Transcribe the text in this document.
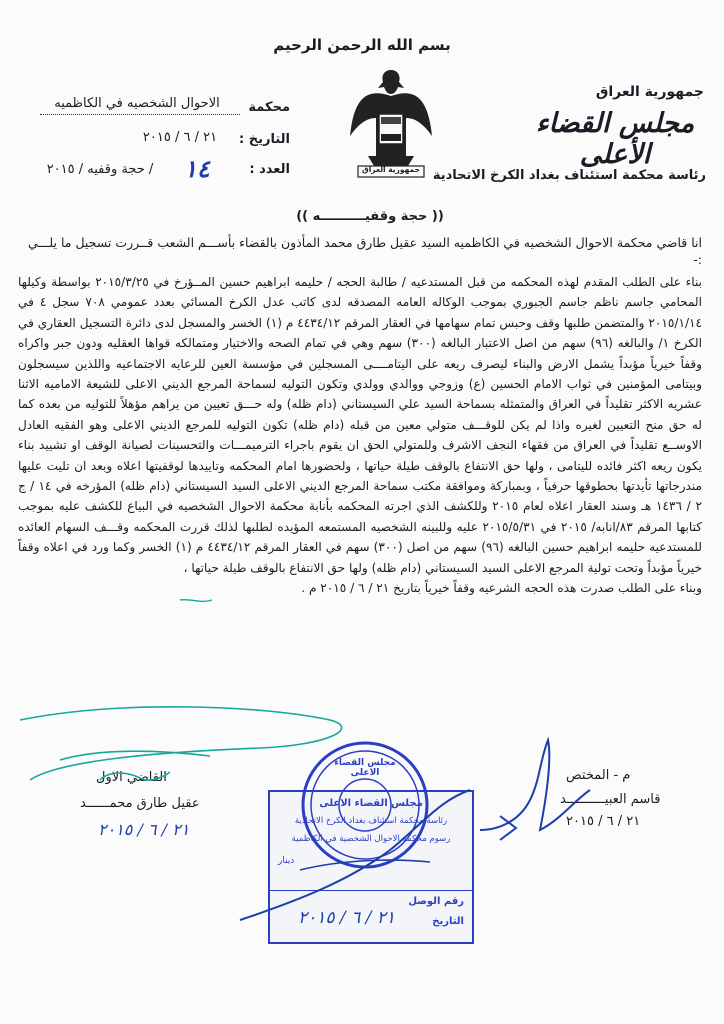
بسم الله الرحمن الرحيم
جمهورية العراق
مجلس القضاء الأعلى
رئاسة محكمة استئناف بغداد الكرخ الاتحادية
محكمة
الاحوال الشخصيه في الكاظميه
التاريخ :
٢١ / ٦ / ٢٠١٥
العدد :
١٤
/ حجة وقفيه / ٢٠١٥	جمهورية العراق
(( حجة وقفيــــــــــه ))
انا قاضي محكمة الاحوال الشخصيه في الكاظميه السيد عقيل طارق محمد المأذون بالقضاء بأســـم الشعب قــررت تسجيل ما يلـــي :-

بناء على الطلب المقدم لهذه المحكمه من قبل المستدعيه / طالبة الحجه / حليمه ابراهيم حسين المــؤرخ في ٢٠١٥/٣/٢٥ بواسطة وكيلها المحامي جاسم ناظم جاسم الجبوري بموجب الوكاله العامه المصدقه لدى كاتب عدل الكرخ المسائي بعدد عمومي ٧٠٨ سجل ٤ في ٢٠١٥/١/١٤ والمتضمن طلبها وقف وحبس تمام سهامها في العقار المرقم ٤٤٣٤/١٢ م (١) الخسر والمسجل لدى دائرة التسجيل العقاري في الكرخ ١/ والبالغه (٩٦) سهم من اصل الاعتبار البالغه (٣٠٠) سهم وهي في تمام الصحه والاختيار ومتمالكه قواها العقليه ودون جبر واكراه وقفاً خيرياً مؤبداً يشمل الارض والبناء ليصرف ريعه على اليتامــــى المسجلين في مؤسسة العين للرعايه الاجتماعيه واللذين سيسجلون وبيتامى المؤمنين في ثواب الامام الحسين (ع) وزوجي ووالدي وولدي وتكون التوليه لسماحة المرجع الديني الاعلى للشيعة الاماميه الاثنا عشريه الاكثر تقليداً في العراق والمتمثله بسماحة السيد علي السيستاني (دام ظله) وله حـــق تعيين من يراهم مؤهلاً للتوليه من بعده كما له حق منح التعيين لغيره واذا لم يكن للوقـــف متولي معين من قبله (دام ظله) تكون التوليه للمرجع الديني الاعلى وهو الفقيه العادل الاوســع تقليداً في العراق من فقهاء النجف الاشرف وللمتولي الحق ان يقوم باجراء الترميمـــات والتحسينات لصيانة الوقف او تشييد بناء يكون ريعه اكثر فائده لليتامى ، ولها حق الانتفاع بالوقف طيلة حياتها ، ولحضورها امام المحكمه وتاييدها لوقفيتها اعلاه وبعد ان تليت عليها مندرجاتها تأيدتها بحطوقها حرفياً ، وبمباركة وموافقة مكتب سماحة المرجع الديني الاعلى السيد السيستاني (دام ظله) المؤرخه في ١٤ / ج ٢ / ١٤٣٦ هـ وسند العقار اعلاه لعام ٢٠١٥ وللكشف الذي اجرته المحكمه بأنابة محكمة الاحوال الشخصيه في البياع للكشف عليه بموجب كتابها المرقم ٨٣/انابه/ ٢٠١٥ في ٢٠١٥/٥/٣١ عليه وللبينه الشخصيه المستمعه المؤيده لطلبها لذلك قررت المحكمه وقـــف السهام العائده للمستدعيه حليمه ابراهيم حسين البالغه (٩٦) سهم من اصل (٣٠٠) سهم في العقار المرقم ٤٤٣٤/١٢ م (١) الخسر وكما ورد في اعلاه وقفاً خيرياً مؤبداً وتحت تولية المرجع الاعلى السيد السيستاني (دام ظله) ولها حق الانتفاع بالوقف طيلة حياتها ،

وبناء على الطلب صدرت هذه الحجه الشرعيه وقفاً خيرياً بتاريخ ٢١ / ٦ / ٢٠١٥ م .

القاضي الاول
عقيل طارق محمــــــد
٢١ / ٦ / ٢٠١٥
م - المختص
قاسم العبيــــــــــد
٢١ / ٦ / ٢٠١٥
مجلس القضاء الاعلى
مجلس القضاء الاعلى
رئاسة محكمة استئناف بغداد الكرخ الاتحادية
رسوم محكمة الاحوال الشخصية في الكاظمية
دينار
رقم الوصل
التاريخ
٢١ / ٦ / ٢٠١٥
